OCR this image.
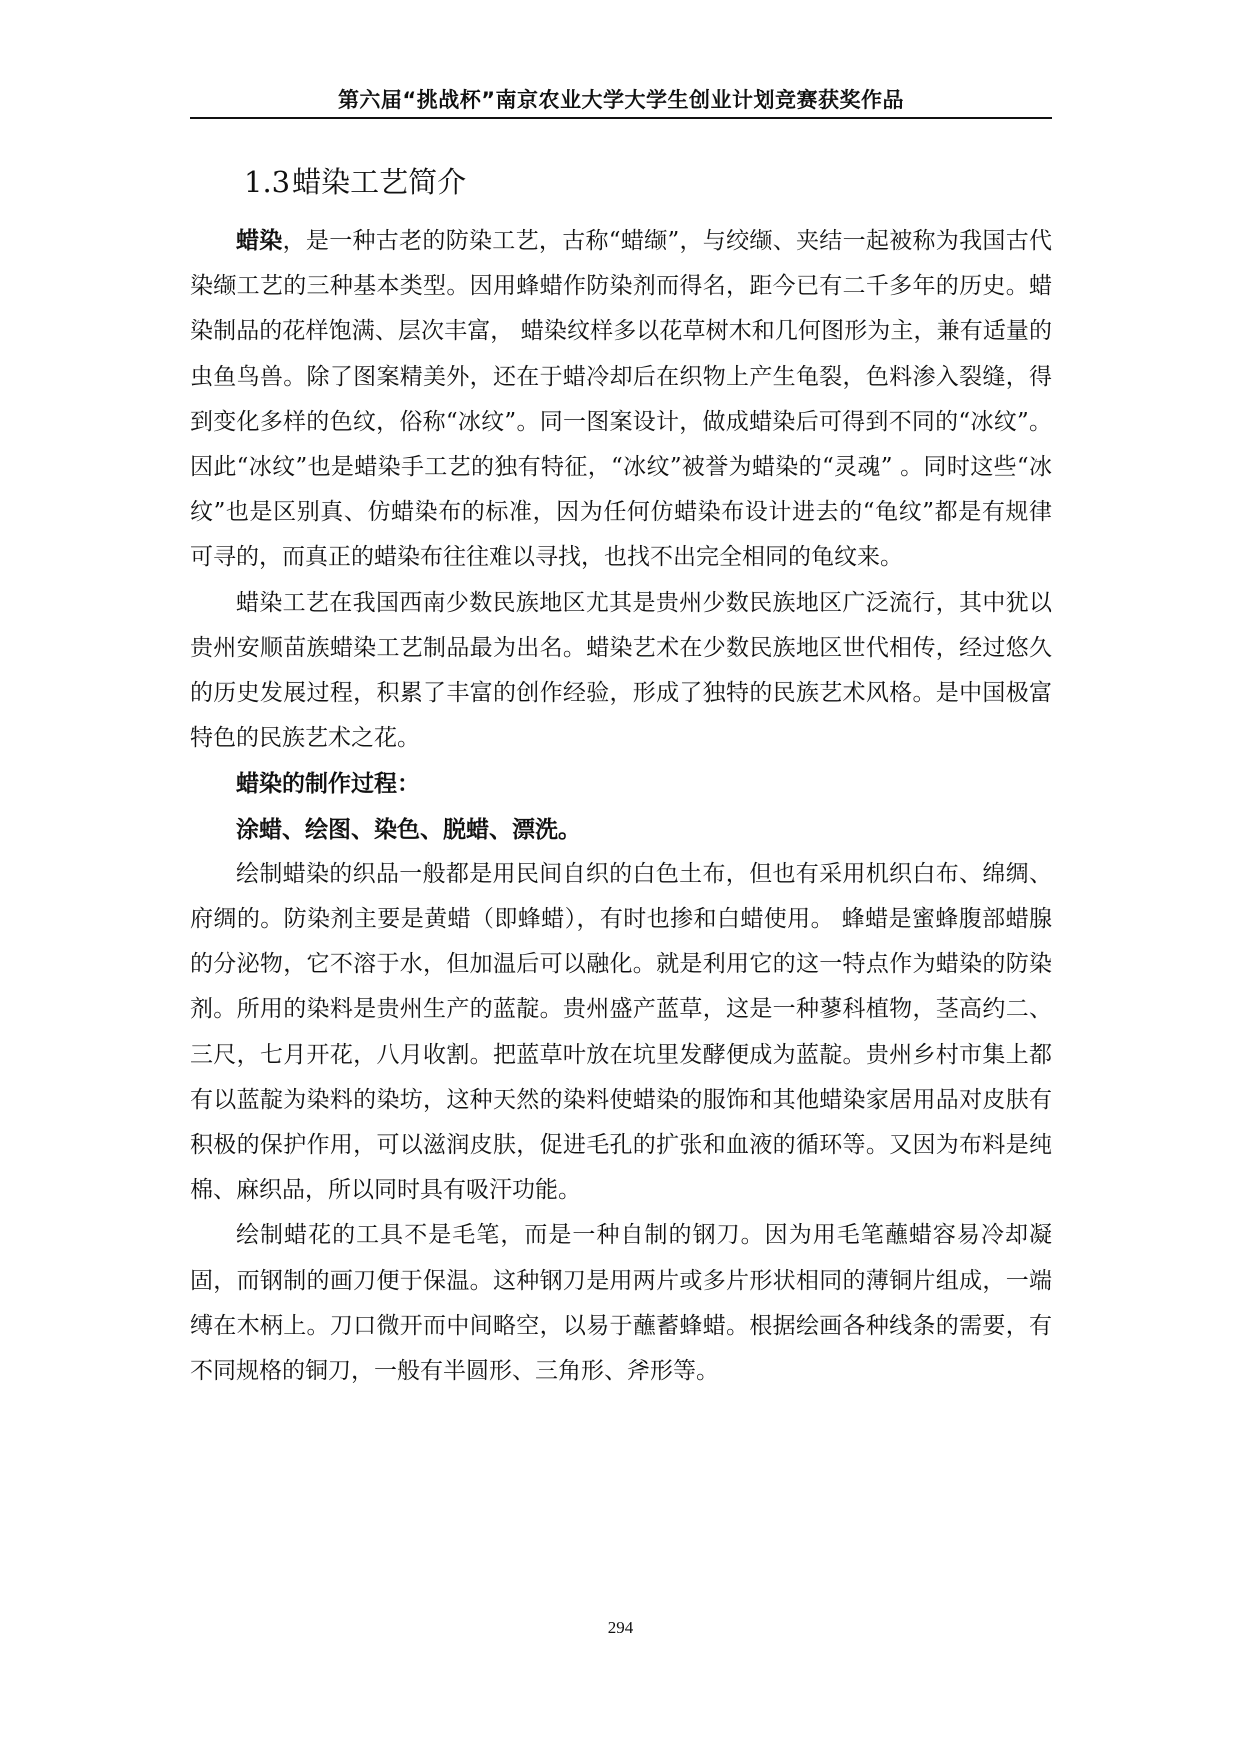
第六届“挑战杯”南京农业大学大学生创业计划竞赛获奖作品
1.3蜡染工艺简介

蜡染，是一种古老的防染工艺，古称“蜡缬”，与绞缬、夹结一起被称为我国古代染缬工艺的三种基本类型。因用蜂蜡作防染剂而得名，距今已有二千多年的历史。蜡染制品的花样饱满、层次丰富， 蜡染纹样多以花草树木和几何图形为主，兼有适量的虫鱼鸟兽。除了图案精美外，还在于蜡冷却后在织物上产生龟裂，色料渗入裂缝，得到变化多样的色纹，俗称“冰纹”。同一图案设计，做成蜡染后可得到不同的“冰纹”。因此“冰纹”也是蜡染手工艺的独有特征，“冰纹”被誉为蜡染的“灵魂” 。同时这些“冰纹”也是区别真、仿蜡染布的标准，因为任何仿蜡染布设计进去的“龟纹”都是有规律可寻的，而真正的蜡染布往往难以寻找，也找不出完全相同的龟纹来。

蜡染工艺在我国西南少数民族地区尤其是贵州少数民族地区广泛流行，其中犹以贵州安顺苗族蜡染工艺制品最为出名。蜡染艺术在少数民族地区世代相传，经过悠久的历史发展过程，积累了丰富的创作经验，形成了独特的民族艺术风格。是中国极富特色的民族艺术之花。

蜡染的制作过程：

涂蜡、绘图、染色、脱蜡、漂洗。

绘制蜡染的织品一般都是用民间自织的白色土布，但也有采用机织白布、绵绸、府绸的。防染剂主要是黄蜡（即蜂蜡），有时也掺和白蜡使用。 蜂蜡是蜜蜂腹部蜡腺的分泌物，它不溶于水，但加温后可以融化。就是利用它的这一特点作为蜡染的防染剂。所用的染料是贵州生产的蓝靛。贵州盛产蓝草，这是一种蓼科植物，茎高约二、三尺，七月开花，八月收割。把蓝草叶放在坑里发酵便成为蓝靛。贵州乡村市集上都有以蓝靛为染料的染坊，这种天然的染料使蜡染的服饰和其他蜡染家居用品对皮肤有积极的保护作用，可以滋润皮肤，促进毛孔的扩张和血液的循环等。又因为布料是纯棉、麻织品，所以同时具有吸汗功能。

绘制蜡花的工具不是毛笔，而是一种自制的钢刀。因为用毛笔蘸蜡容易冷却凝固，而钢制的画刀便于保温。这种钢刀是用两片或多片形状相同的薄铜片组成，一端缚在木柄上。刀口微开而中间略空，以易于蘸蓄蜂蜡。根据绘画各种线条的需要，有不同规格的铜刀，一般有半圆形、三角形、斧形等。

294
